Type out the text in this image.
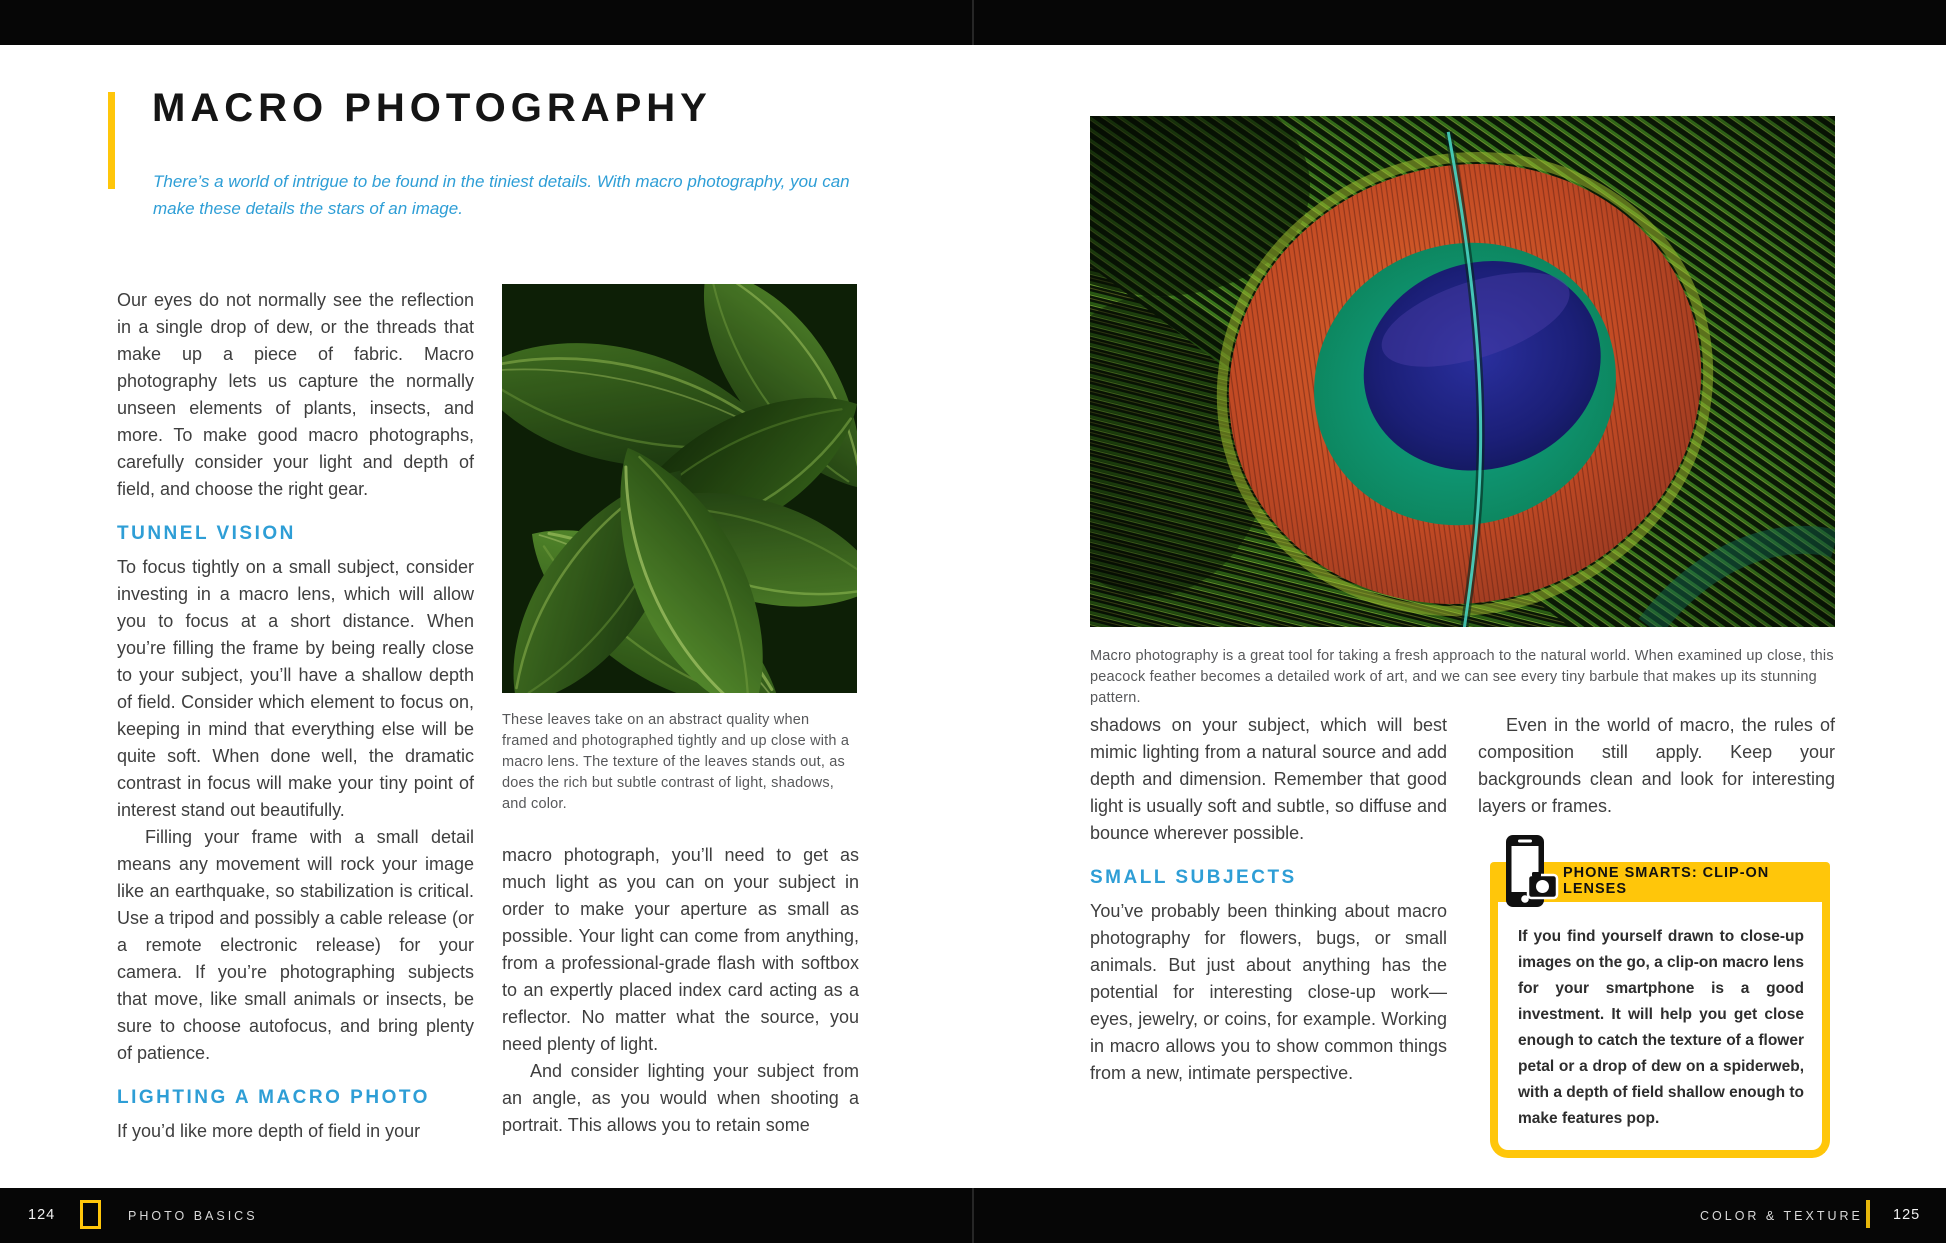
MACRO PHOTOGRAPHY
There’s a world of intrigue to be found in the tiniest details. With macro photography, you can
make these details the stars of an image.

Our eyes do not normally see the reflection in a single drop of dew, or the threads that make up a piece of fabric. Macro photography lets us capture the normally unseen elements of plants, insects, and more. To make good macro photographs, carefully consider your light and depth of field, and choose the right gear.

TUNNEL VISION

To focus tightly on a small subject, consider investing in a macro lens, which will allow you to focus at a short distance. When you’re filling the frame by being really close to your subject, you’ll have a shallow depth of field. Consider which element to focus on, keeping in mind that everything else will be quite soft. When done well, the dramatic contrast in focus will make your tiny point of interest stand out beautifully.

Filling your frame with a small detail means any movement will rock your image like an earthquake, so stabilization is critical. Use a tripod and possibly a cable release (or a remote electronic release) for your camera. If you’re photographing subjects that move, like small animals or insects, be sure to choose autofocus, and bring plenty of patience.

LIGHTING A MACRO PHOTO

If you’d like more depth of field in your

These leaves take on an abstract quality when framed and photographed tightly and up close with a macro lens. The texture of the leaves stands out, as does the rich but subtle contrast of light, shadows, and color.

macro photograph, you’ll need to get as much light as you can on your subject in order to make your aperture as small as possible. Your light can come from anything, from a professional-grade flash with softbox to an expertly placed index card acting as a reflector. No matter what the source, you need plenty of light.

And consider lighting your subject from an angle, as you would when shooting a portrait. This allows you to retain some

Macro photography is a great tool for taking a fresh approach to the natural world. When examined up close, this peacock feather becomes a detailed work of art, and we can see every tiny barbule that makes up its stunning pattern.

shadows on your subject, which will best mimic lighting from a natural source and add depth and dimension. Remember that good light is usually soft and subtle, so diffuse and bounce wherever possible.

SMALL SUBJECTS

You’ve probably been thinking about macro photography for flowers, bugs, or small animals. But just about anything has the potential for interesting close-up work—eyes, jewelry, or coins, for example. Working in macro allows you to show common things from a new, intimate perspective.

Even in the world of macro, the rules of composition still apply. Keep your backgrounds clean and look for interesting layers or frames.

PHONE SMARTS: CLIP-ON LENSES
If you find yourself drawn to close-up images on the go, a clip-on macro lens for your smartphone is a good investment. It will help you get close enough to catch the texture of a flower petal or a drop of dew on a spiderweb, with a depth of field shallow enough to make features pop.
124	PHOTO BASICS	COLOR & TEXTURE 125
